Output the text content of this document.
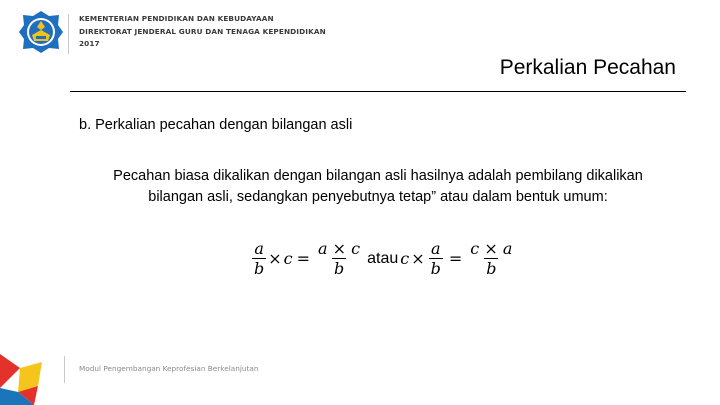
KEMENTERIAN PENDIDIKAN DAN KEBUDAYAAN
DIREKTORAT JENDERAL GURU DAN TENAGA KEPENDIDIKAN
2017
Perkalian Pecahan
b. Perkalian pecahan dengan bilangan asli
Pecahan biasa dikalikan dengan bilangan asli hasilnya adalah pembilang dikalikan
bilangan asli, sedangkan penyebutnya tetap” atau dalam bentuk umum:
$\frac{a}{b} \times c = \frac{a \times c}{b}$ atau $c \times \frac{a}{b} = \frac{c \times a}{b}$
Modul Pengembangan Keprofesian Berkelanjutan
